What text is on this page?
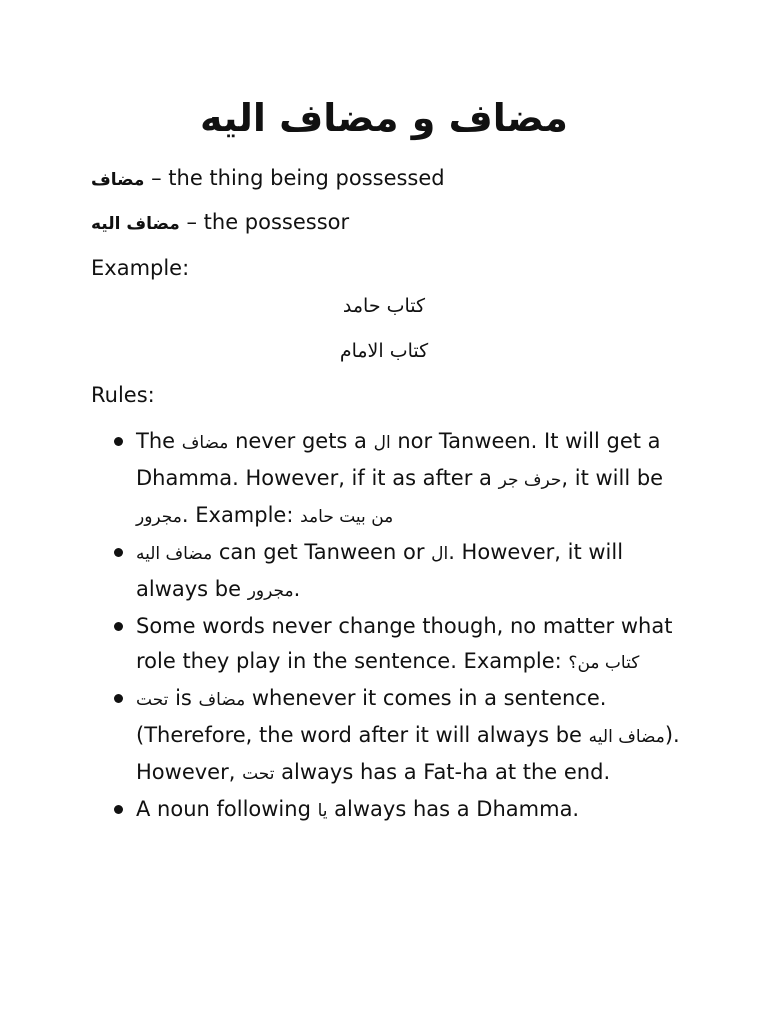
مضاف و مضاف اليه
مضاف – the thing being possessed
مضاف اليه – the possessor
Example:
كتاب حامد
كتاب الامام
Rules:
The مضاف never gets a ال nor Tanween. It will get a Dhamma. However, if it as after a حرف جر, it will be مجرور. Example: من بيت حامد
مضاف اليه can get Tanween or ال. However, it will always be مجرور.
Some words never change though, no matter what role they play in the sentence. Example: كتاب من؟
تحت is مضاف whenever it comes in a sentence.(Therefore, the word after it will always be مضاف اليه). However, تحت always has a Fat-ha at the end.
A noun following يا always has a Dhamma.
